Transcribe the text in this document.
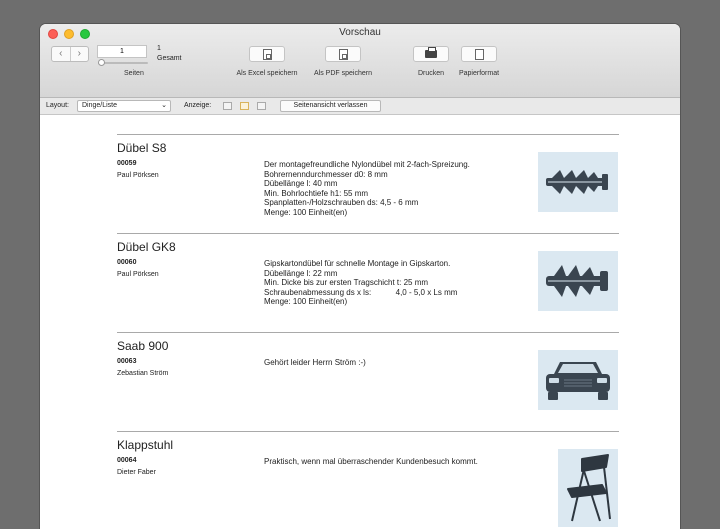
Vorschau
‹	›
1	1
Gesamt
Seiten	Als Excel speichern Als PDF speichern	Drucken Papierformat
Layout:	Dinge/Liste	⌄ Anzeige:	Seitenansicht verlassen
Dübel S8
00059
Paul Pörksen
Der montagefreundliche Nylondübel mit 2-fach-Spreizung.
Bohrernenndurchmesser d0: 8 mm
Dübellänge l: 40 mm
Min. Bohrlochtiefe h1: 55 mm
Spanplatten-/Holzschrauben ds: 4,5 - 6 mm
Menge: 100 Einheit(en)
Dübel GK8
00060
Paul Pörksen
Gipskartondübel für schnelle Montage in Gipskarton.
Dübellänge l: 22 mm
Min. Dicke bis zur ersten Tragschicht t: 25 mm
Schraubenabmessung ds x ls:           4,0 - 5,0 x Ls mm
Menge: 100 Einheit(en)
Saab 900
00063
Zebastian Ström
Gehört leider Herrn Ström :-)
Klappstuhl
00064
Dieter Faber
Praktisch, wenn mal überraschender Kundenbesuch kommt.
